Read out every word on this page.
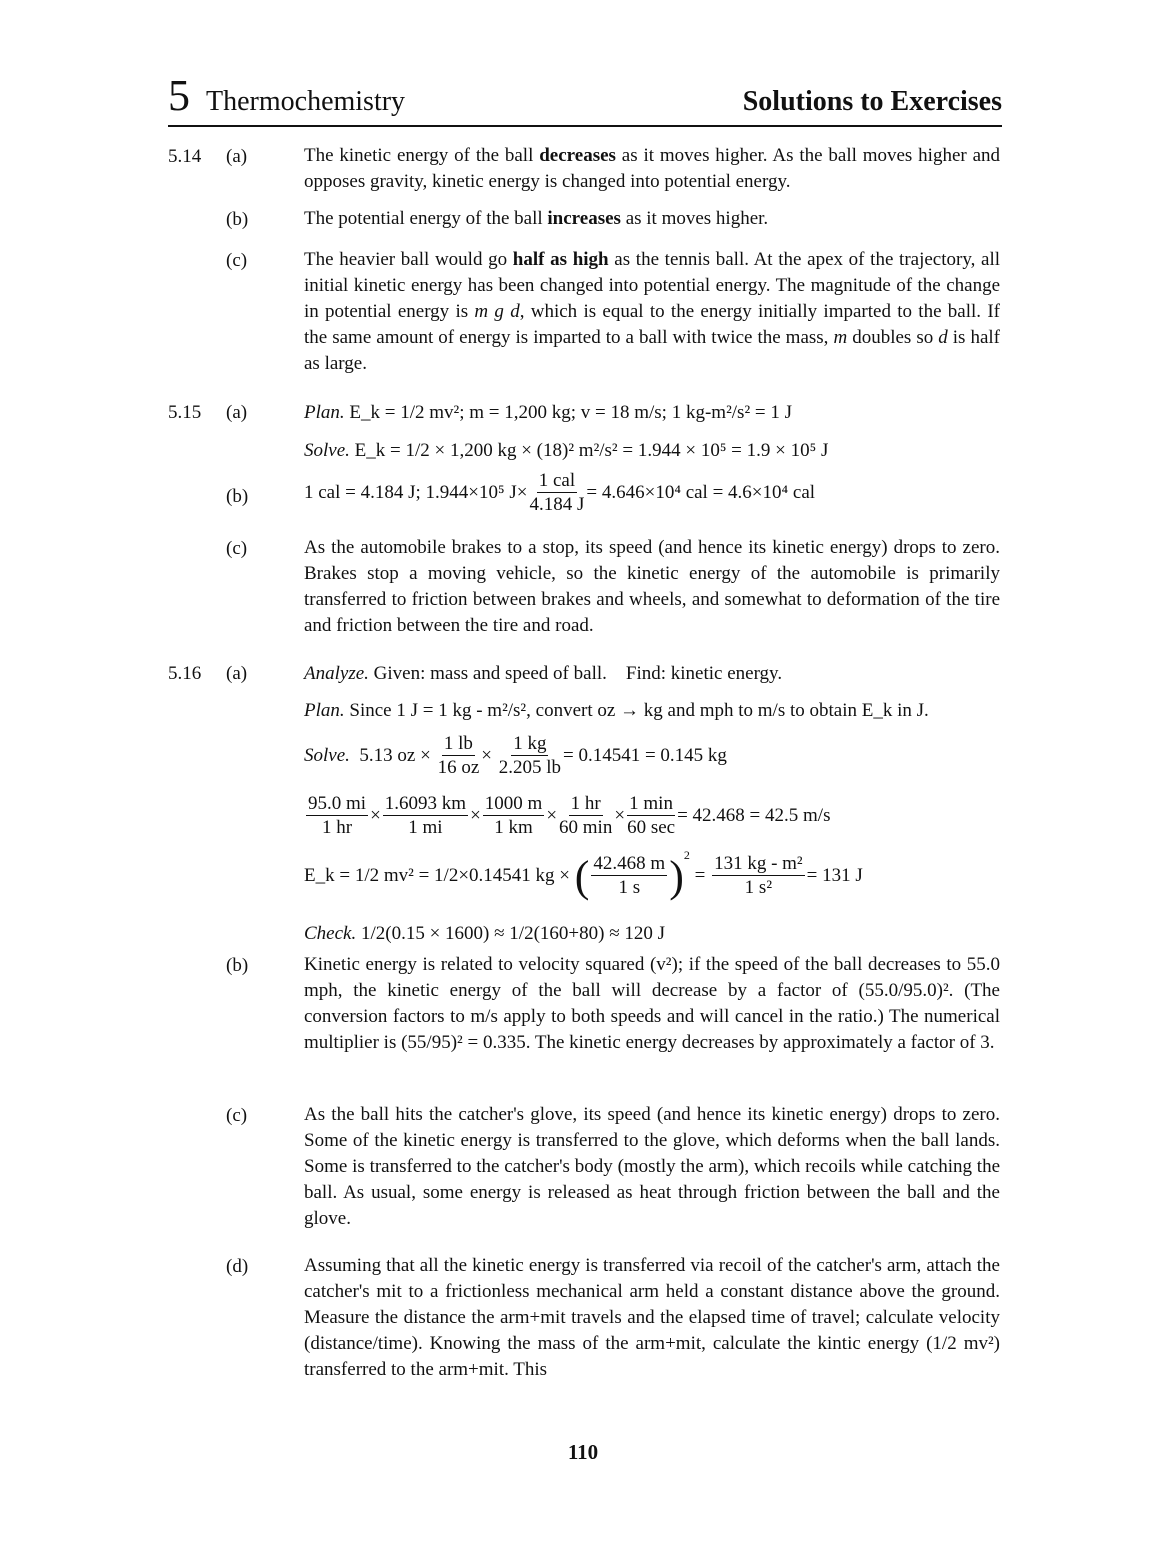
5 Thermochemistry	Solutions to Exercises
5.14 (a)	The kinetic energy of the ball decreases as it moves higher. As the ball moves higher and opposes gravity, kinetic energy is changed into potential energy.
(b)	The potential energy of the ball increases as it moves higher.
(c)	The heavier ball would go half as high as the tennis ball. At the apex of the trajectory, all initial kinetic energy has been changed into potential energy. The magnitude of the change in potential energy is m g d, which is equal to the energy initially imparted to the ball. If the same amount of energy is imparted to a ball with twice the mass, m doubles so d is half as large.
5.15 (a)	Plan. E_k = 1/2 mv²; m = 1,200 kg; v = 18 m/s; 1 kg-m²/s² = 1 J
Solve. E_k = 1/2 × 1,200 kg × (18)² m²/s² = 1.944 × 10⁵ = 1.9 × 10⁵ J
(b)	1 cal = 4.184 J; 1.944×10⁵ $J\times \frac{\text{1 cal}}{4.184 J} = 4.646\times 10^4$ cal = 4.6×10⁴ cal
(c)	As the automobile brakes to a stop, its speed (and hence its kinetic energy) drops to zero. Brakes stop a moving vehicle, so the kinetic energy of the automobile is primarily transferred to friction between brakes and wheels, and somewhat to deformation of the tire and friction between the tire and road.
5.16 (a)	Analyze. Given: mass and speed of ball.    Find: kinetic energy.
Plan. Since 1 J = 1 kg - m²/s², convert oz → kg and mph to m/s to obtain E_k in J.
Solve. 5.13 oz × $\frac{1 lb}{16 oz} \times \frac{1 kg}{2.205 lb} = 0.14541 = 0.145$ kg
$\frac{95.0 mi}{1 hr} \times \frac{1.6093 km}{1 mi} \times \frac{1000 m}{1 km} \times \frac{1 hr}{60 \min} \times \frac{1 \min}{60 \sec} = 42.468 = 42.5$ m/s
E_k = 1/2 mv² = 1/2×0.14541 kg × ( $\frac{42.468 m}{1 s} )^2 = \frac{\text{131 kg - m²}}{\text{1 s²}} = 131$ J
Check. 1/2(0.15 × 1600) ≈ 1/2(160+80) ≈ 120 J
(b)	Kinetic energy is related to velocity squared (v²); if the speed of the ball decreases to 55.0 mph, the kinetic energy of the ball will decrease by a factor of (55.0/95.0)². (The conversion factors to m/s apply to both speeds and will cancel in the ratio.) The numerical multiplier is (55/95)² = 0.335. The kinetic energy decreases by approximately a factor of 3.
(c)	As the ball hits the catcher's glove, its speed (and hence its kinetic energy) drops to zero. Some of the kinetic energy is transferred to the glove, which deforms when the ball lands. Some is transferred to the catcher's body (mostly the arm), which recoils while catching the ball. As usual, some energy is released as heat through friction between the ball and the glove.
(d)	Assuming that all the kinetic energy is transferred via recoil of the catcher's arm, attach the catcher's mit to a frictionless mechanical arm held a constant distance above the ground. Measure the distance the arm+mit travels and the elapsed time of travel; calculate velocity (distance/time). Knowing the mass of the arm+mit, calculate the kintic energy (1/2 mv²) transferred to the arm+mit. This
110
